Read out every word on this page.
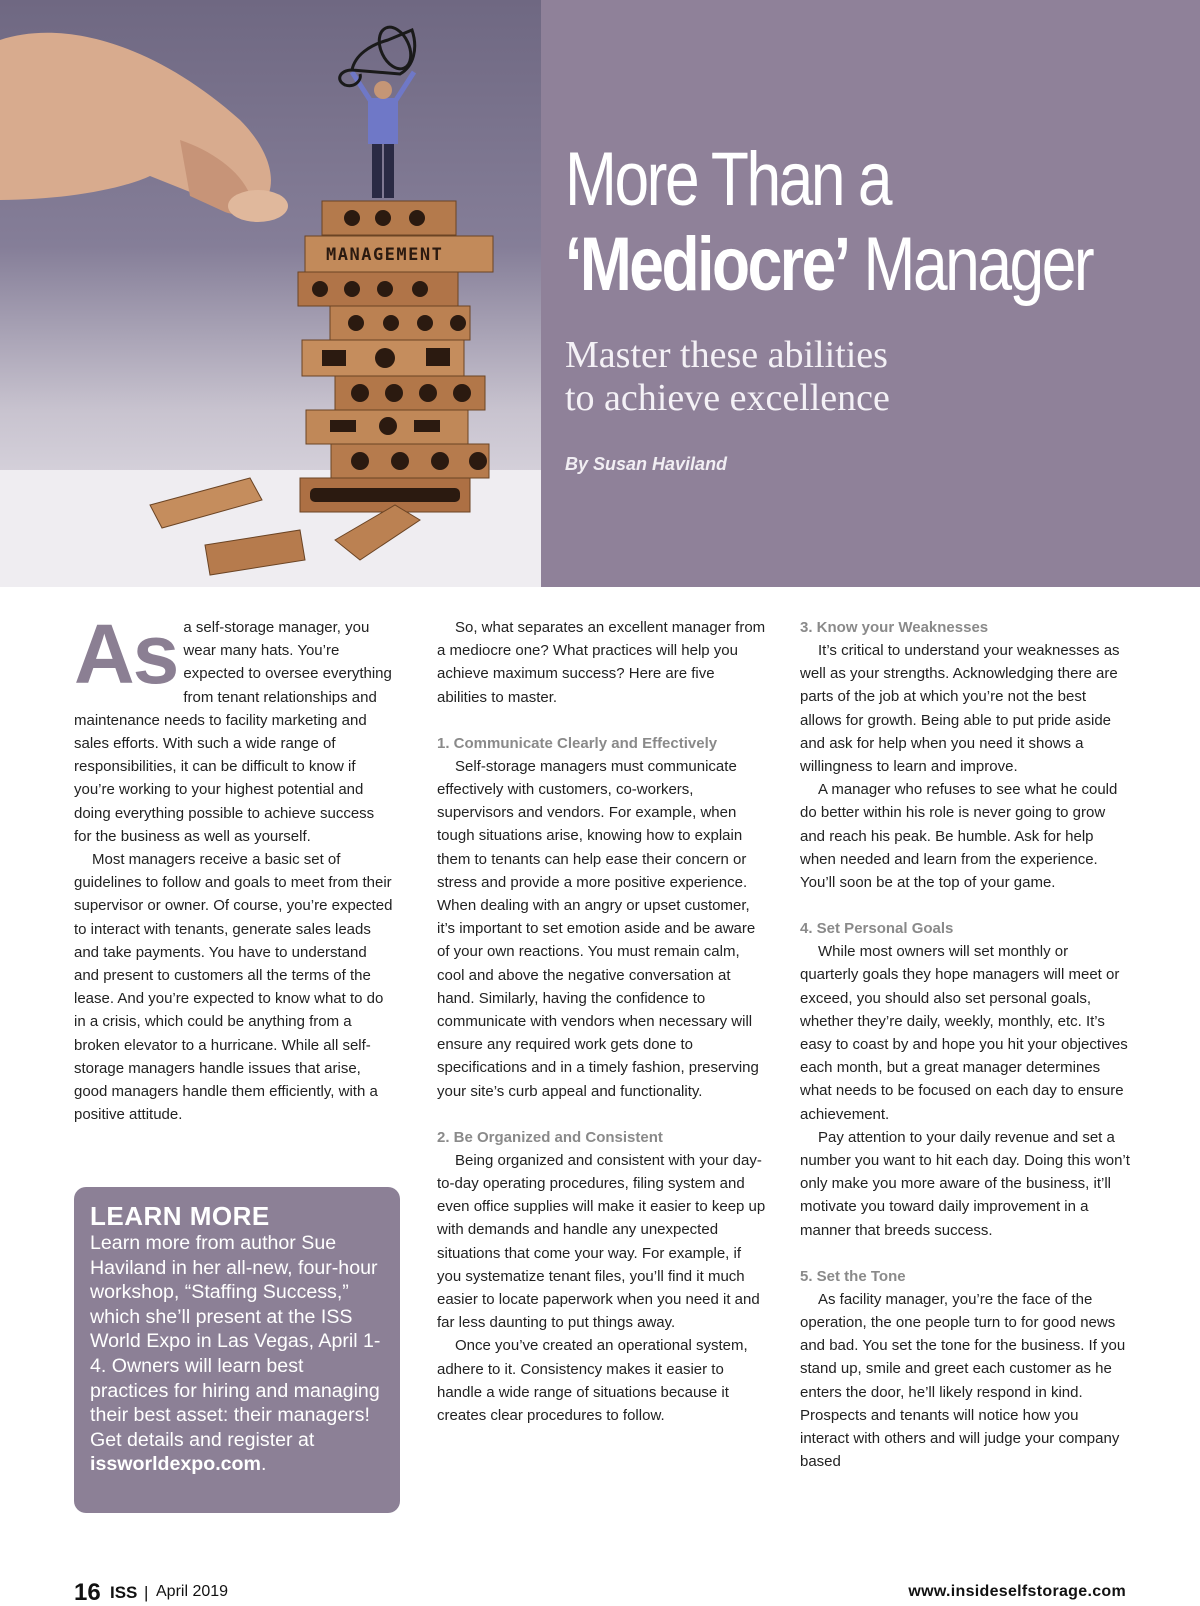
MANAGEMENT
More Than a
‘Mediocre’ Manager
Master these abilities
to achieve excellence
By Susan Haviland

As a self-storage manager, you wear many hats. You’re expected to oversee everything from tenant relationships and maintenance needs to facility marketing and sales efforts. With such a wide range of responsibilities, it can be difficult to know if you’re working to your highest potential and doing everything possible to achieve success for the business as well as yourself.

Most managers receive a basic set of guidelines to follow and goals to meet from their supervisor or owner. Of course, you’re expected to interact with tenants, generate sales leads and take payments. You have to understand and present to customers all the terms of the lease. And you’re expected to know what to do in a crisis, which could be anything from a broken elevator to a hurricane. While all self-storage managers handle issues that arise, good managers handle them efficiently, with a positive attitude.

LEARN MORE
Learn more from author Sue Haviland in her all-new, four-hour workshop, “Staffing Success,” which she’ll present at the ISS World Expo in Las Vegas, April 1-4. Owners will learn best practices for hiring and managing their best asset: their managers! Get details and register at issworldexpo.com.

So, what separates an excellent manager from a mediocre one? What practices will help you achieve maximum success? Here are five abilities to master.

1. Communicate Clearly and Effectively

Self-storage managers must communicate effectively with customers, co-workers, supervisors and vendors. For example, when tough situations arise, knowing how to explain them to tenants can help ease their concern or stress and provide a more positive experience. When dealing with an angry or upset customer, it’s important to set emotion aside and be aware of your own reactions. You must remain calm, cool and above the negative conversation at hand. Similarly, having the confidence to communicate with vendors when necessary will ensure any required work gets done to specifications and in a timely fashion, preserving your site’s curb appeal and functionality.

2. Be Organized and Consistent

Being organized and consistent with your day-to-day operating procedures, filing system and even office supplies will make it easier to keep up with demands and handle any unexpected situations that come your way. For example, if you systematize tenant files, you’ll find it much easier to locate paperwork when you need it and far less daunting to put things away.

Once you’ve created an operational system, adhere to it. Consistency makes it easier to handle a wide range of situations because it creates clear procedures to follow.

3. Know your Weaknesses

It’s critical to understand your weaknesses as well as your strengths. Acknowledging there are parts of the job at which you’re not the best allows for growth. Being able to put pride aside and ask for help when you need it shows a willingness to learn and improve.

A manager who refuses to see what he could do better within his role is never going to grow and reach his peak. Be humble. Ask for help when needed and learn from the experience. You’ll soon be at the top of your game.

4. Set Personal Goals

While most owners will set monthly or quarterly goals they hope managers will meet or exceed, you should also set personal goals, whether they’re daily, weekly, monthly, etc. It’s easy to coast by and hope you hit your objectives each month, but a great manager determines what needs to be focused on each day to ensure achievement.

Pay attention to your daily revenue and set a number you want to hit each day. Doing this won’t only make you more aware of the business, it’ll motivate you toward daily improvement in a manner that breeds success.

5. Set the Tone

As facility manager, you’re the face of the operation, the one people turn to for good news and bad. You set the tone for the business. If you stand up, smile and greet each customer as he enters the door, he’ll likely respond in kind. Prospects and tenants will notice how you interact with others and will judge your company based

16 ISS | April 2019	www.insideselfstorage.com
